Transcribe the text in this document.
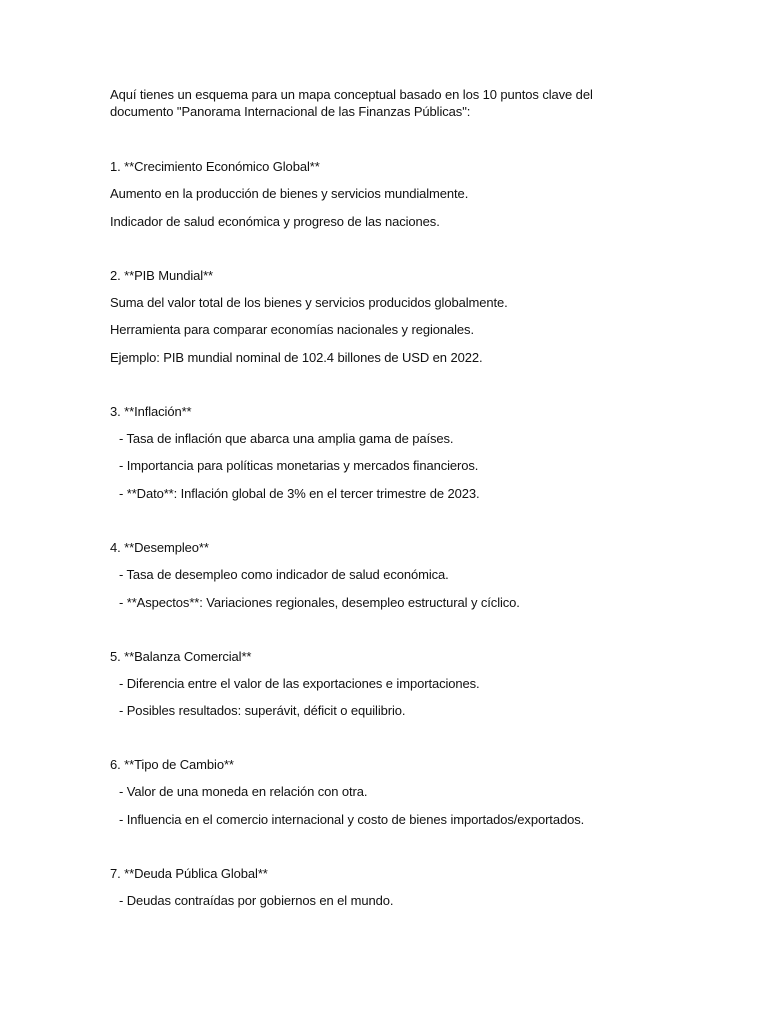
Aquí tienes un esquema para un mapa conceptual basado en los 10 puntos clave del
documento "Panorama Internacional de las Finanzas Públicas":
1. **Crecimiento Económico Global**
Aumento en la producción de bienes y servicios mundialmente.
Indicador de salud económica y progreso de las naciones.
2. **PIB Mundial**
Suma del valor total de los bienes y servicios producidos globalmente.
Herramienta para comparar economías nacionales y regionales.
Ejemplo: PIB mundial nominal de 102.4 billones de USD en 2022.
3. **Inflación**
- Tasa de inflación que abarca una amplia gama de países.
- Importancia para políticas monetarias y mercados financieros.
- **Dato**: Inflación global de 3% en el tercer trimestre de 2023.
4. **Desempleo**
- Tasa de desempleo como indicador de salud económica.
- **Aspectos**: Variaciones regionales, desempleo estructural y cíclico.
5. **Balanza Comercial**
- Diferencia entre el valor de las exportaciones e importaciones.
- Posibles resultados: superávit, déficit o equilibrio.
6. **Tipo de Cambio**
- Valor de una moneda en relación con otra.
- Influencia en el comercio internacional y costo de bienes importados/exportados.
7. **Deuda Pública Global**
- Deudas contraídas por gobiernos en el mundo.
